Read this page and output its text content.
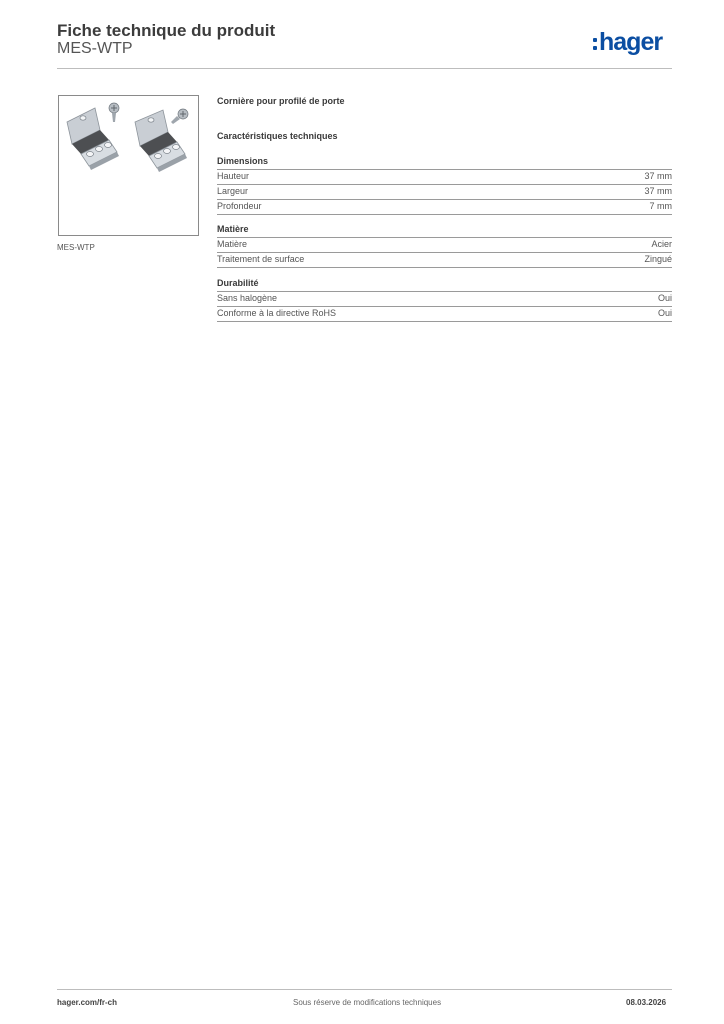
Fiche technique du produit
MES-WTP	hager
MES-WTP
Cornière pour profilé de porte
Caractéristiques techniques
Dimensions
Hauteur	37 mm
Largeur	37 mm
Profondeur	7 mm
Matière
Matière	Acier
Traitement de surface	Zingué
Durabilité
Sans halogène	Oui
Conforme à la directive RoHS	Oui
hager.com/fr-ch	Sous réserve de modifications techniques	08.03.2026
